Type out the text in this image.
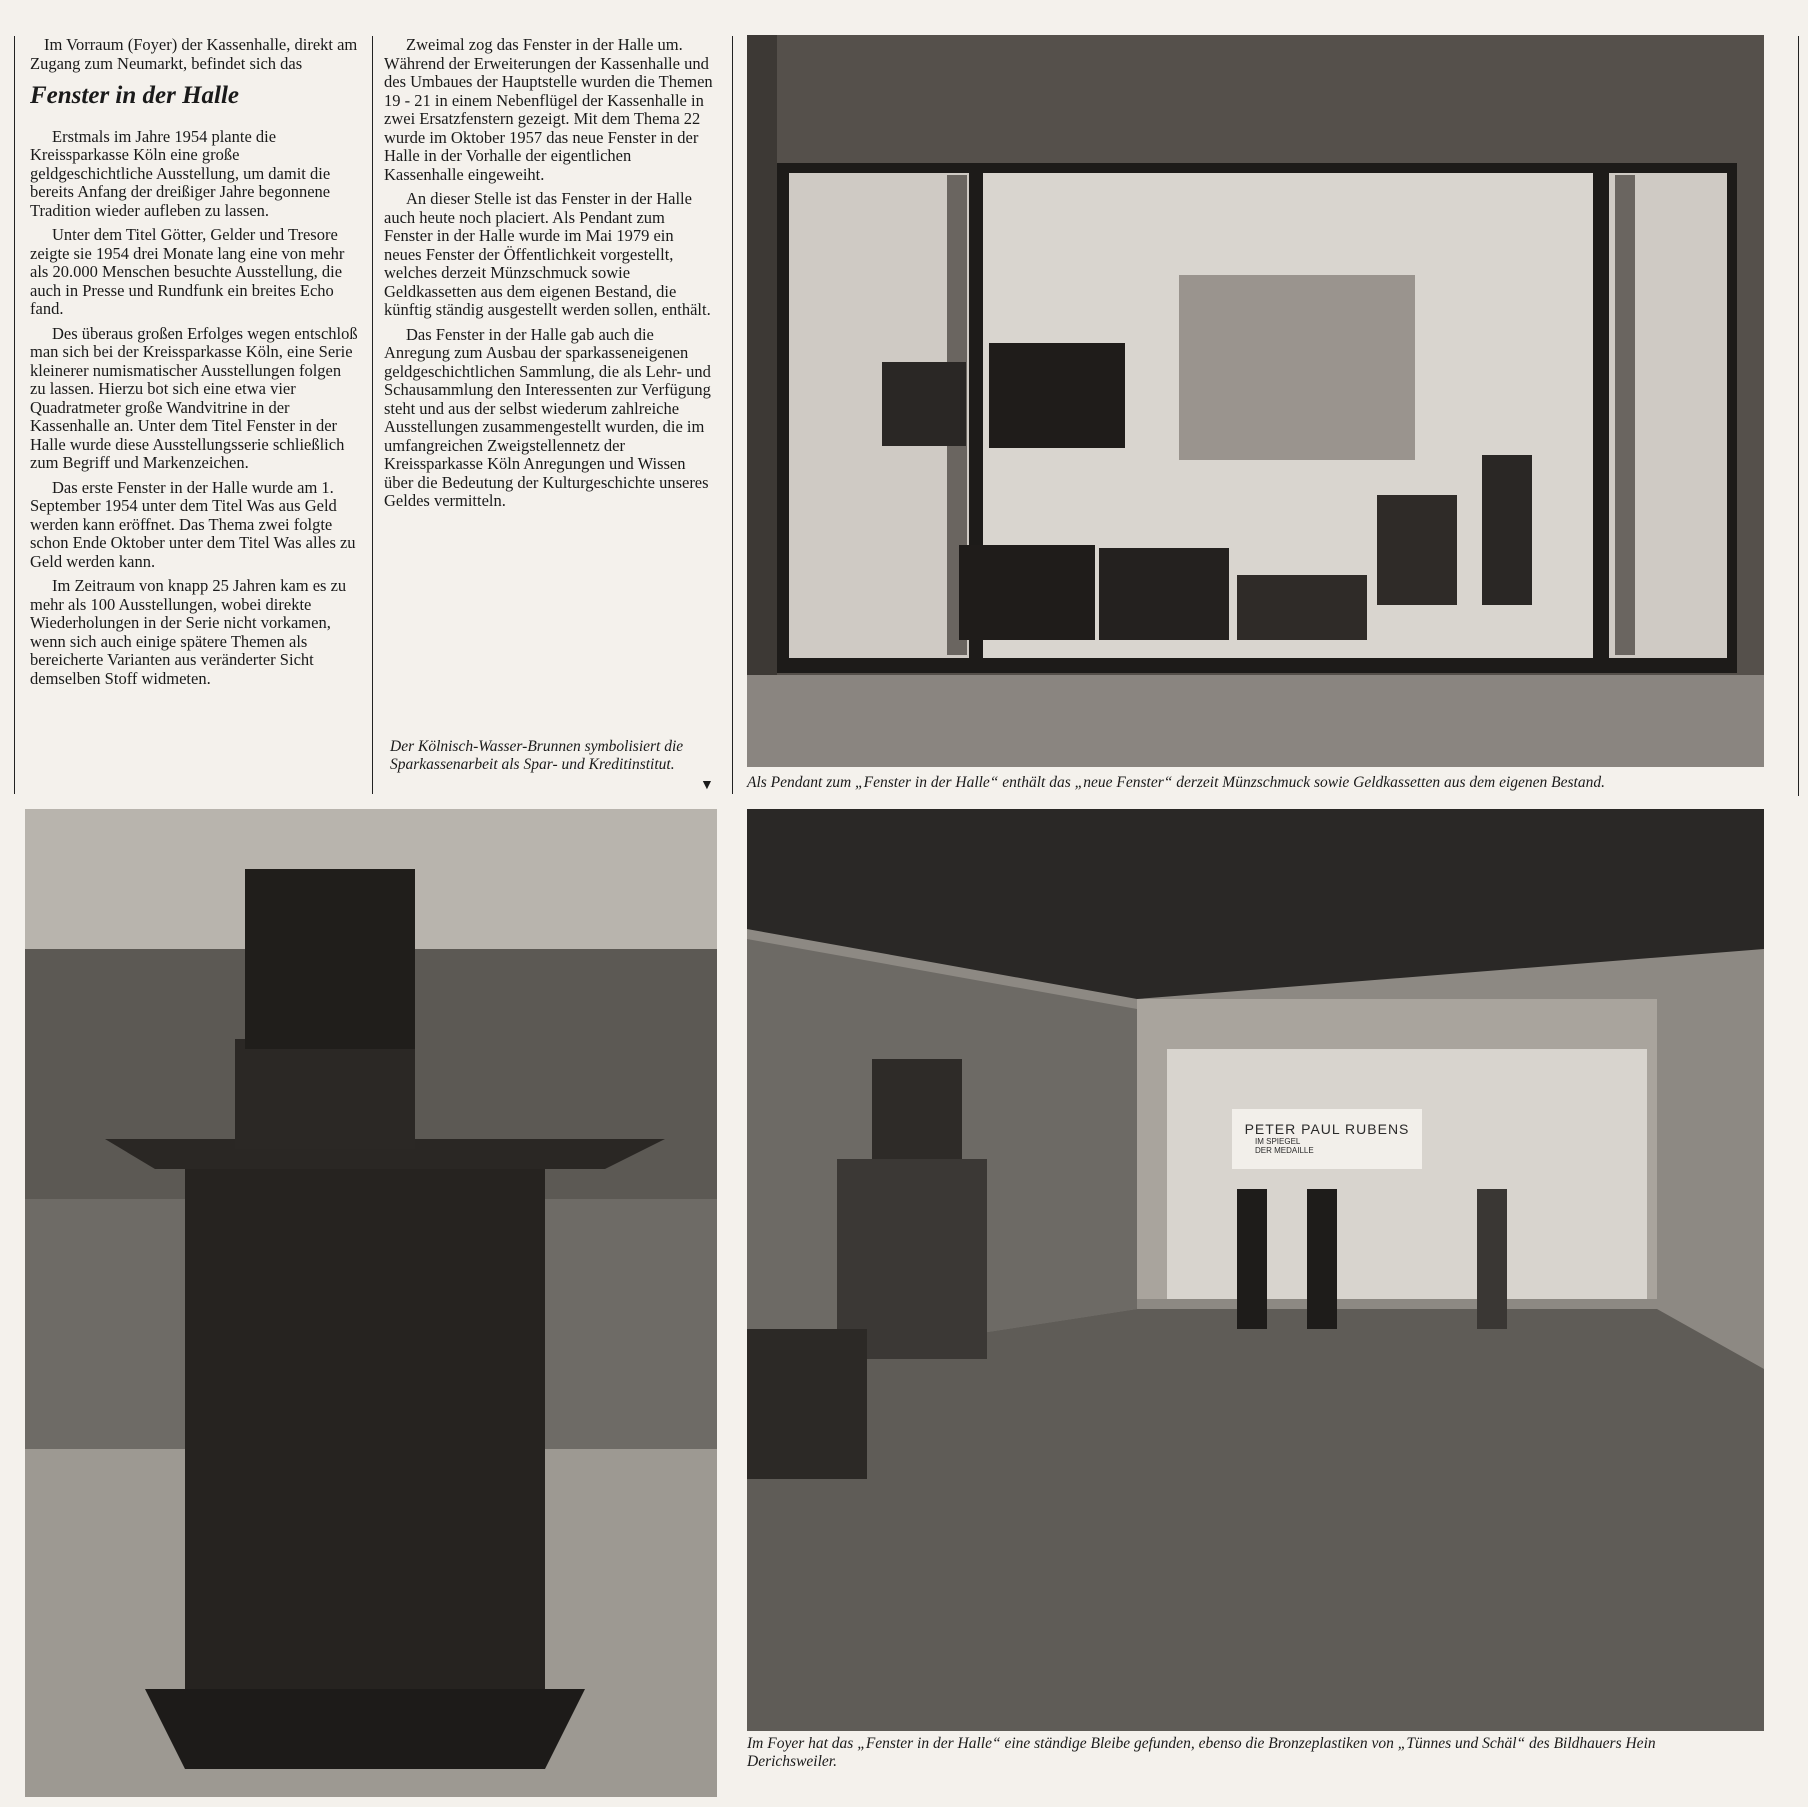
Im Vorraum (Foyer) der Kassenhalle, direkt am Zugang zum Neumarkt, befindet sich das

Fenster in der Halle

Erstmals im Jahre 1954 plante die Kreissparkasse Köln eine große geldgeschichtliche Ausstellung, um damit die bereits Anfang der dreißiger Jahre begonnene Tradition wieder aufleben zu lassen.

Unter dem Titel Götter, Gelder und Tresore zeigte sie 1954 drei Monate lang eine von mehr als 20.000 Menschen besuchte Ausstellung, die auch in Presse und Rundfunk ein breites Echo fand.

Des überaus großen Erfolges wegen entschloß man sich bei der Kreissparkasse Köln, eine Serie kleinerer numismatischer Ausstellungen folgen zu lassen. Hierzu bot sich eine etwa vier Quadratmeter große Wandvitrine in der Kassenhalle an. Unter dem Titel Fenster in der Halle wurde diese Ausstellungsserie schließlich zum Begriff und Markenzeichen.

Das erste Fenster in der Halle wurde am 1. September 1954 unter dem Titel Was aus Geld werden kann eröffnet. Das Thema zwei folgte schon Ende Oktober unter dem Titel Was alles zu Geld werden kann.

Im Zeitraum von knapp 25 Jahren kam es zu mehr als 100 Ausstellungen, wobei direkte Wiederholungen in der Serie nicht vorkamen, wenn sich auch einige spätere Themen als bereicherte Varianten aus veränderter Sicht demselben Stoff widmeten.

Zweimal zog das Fenster in der Halle um. Während der Erweiterungen der Kassenhalle und des Umbaues der Hauptstelle wurden die Themen 19 - 21 in einem Nebenflügel der Kassenhalle in zwei Ersatzfenstern gezeigt. Mit dem Thema 22 wurde im Oktober 1957 das neue Fenster in der Halle in der Vorhalle der eigentlichen Kassenhalle eingeweiht.

An dieser Stelle ist das Fenster in der Halle auch heute noch placiert. Als Pendant zum Fenster in der Halle wurde im Mai 1979 ein neues Fenster der Öffentlichkeit vorgestellt, welches derzeit Münzschmuck sowie Geldkassetten aus dem eigenen Bestand, die künftig ständig ausgestellt werden sollen, enthält.

Das Fenster in der Halle gab auch die Anregung zum Ausbau der sparkasseneigenen geldgeschichtlichen Sammlung, die als Lehr- und Schausammlung den Interessenten zur Verfügung steht und aus der selbst wiederum zahlreiche Ausstellungen zusammengestellt wurden, die im umfangreichen Zweigstellennetz der Kreissparkasse Köln Anregungen und Wissen über die Bedeutung der Kulturgeschichte unseres Geldes vermitteln.

Der Kölnisch-Wasser-Brunnen symbolisiert die Sparkassenarbeit als Spar- und Kreditinstitut.
▼ Als Pendant zum „Fenster in der Halle“ enthält das „neue Fenster“ derzeit Münzschmuck sowie Geldkassetten aus dem eigenen Bestand.
PETER PAUL RUBENS
IM SPIEGEL
DER MEDAILLE
Im Foyer hat das „Fenster in der Halle“ eine ständige Bleibe gefunden, ebenso die Bronzeplastiken von „Tünnes und Schäl“ des Bildhauers Hein Derichsweiler.
